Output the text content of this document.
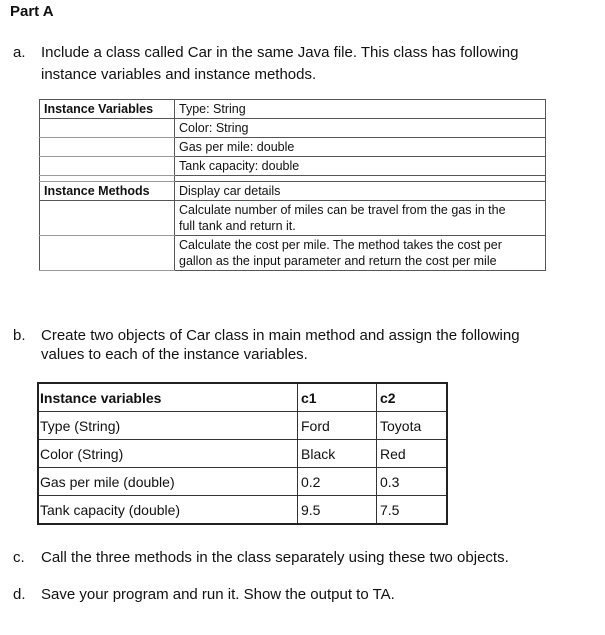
Part A
a. Include a class called Car in the same Java file. This class has following
instance variables and instance methods.
Instance Variables	Type: String
	Color: String
	Gas per mile: double
	Tank capacity: double

Instance Methods	Display car details

	Calculate number of miles can be travel from the gas in the
full tank and return it.

	Calculate the cost per mile. The method takes the cost per
gallon as the input parameter and return the cost per mile
b. Create two objects of Car class in main method and assign the following
values to each of the instance variables.
Instance variables	c1	c2
Type (String)	Ford	Toyota
Color (String)	Black	Red
Gas per mile (double)	0.2	0.3
Tank capacity (double)	9.5	7.5
c. Call the three methods in the class separately using these two objects.
d. Save your program and run it. Show the output to TA.
